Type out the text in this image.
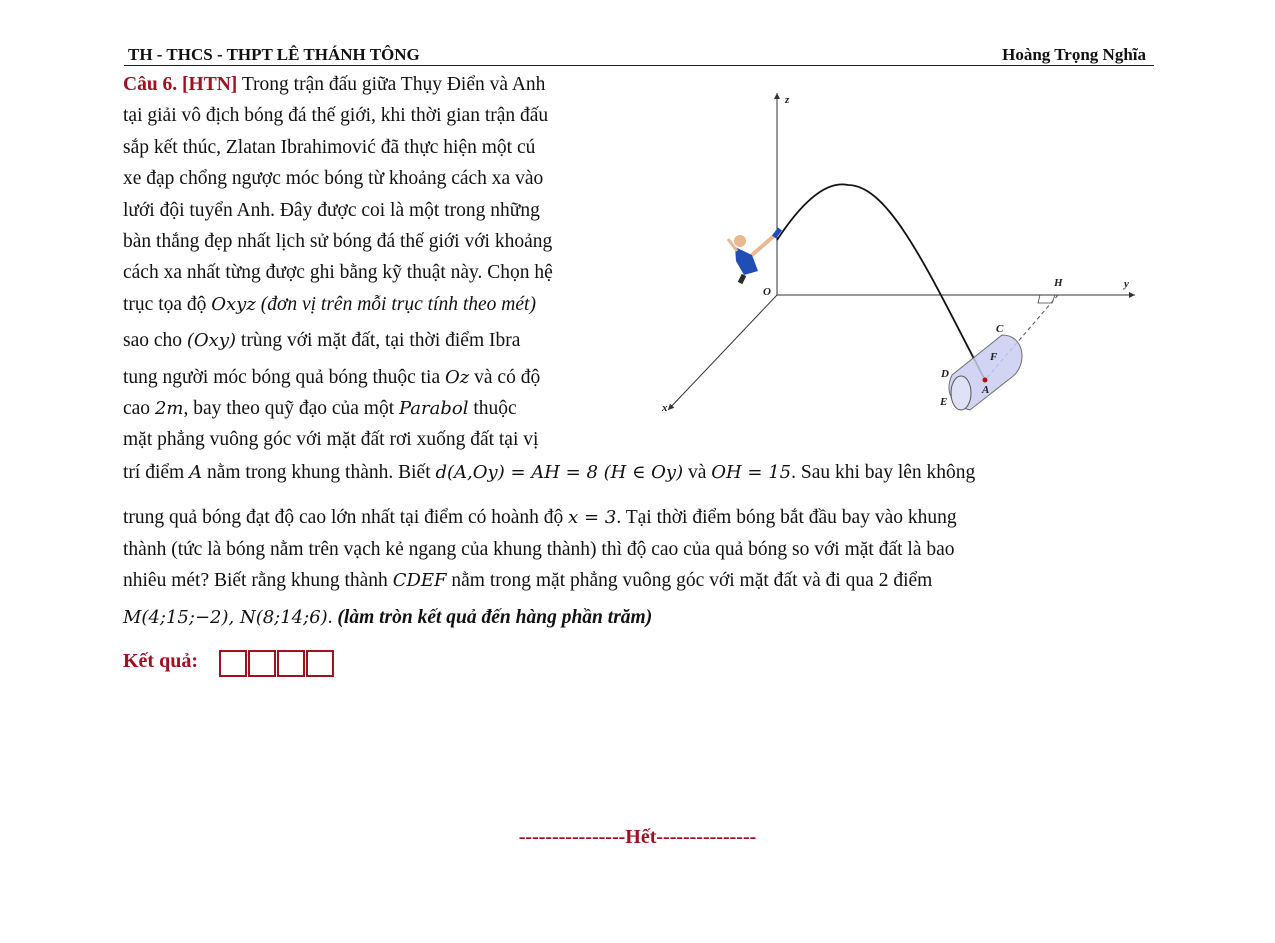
TH - THCS - THPT LÊ THÁNH TÔNG	Hoàng Trọng Nghĩa
Câu 6. [HTN] Trong trận đấu giữa Thụy Điển và Anh
tại giải vô địch bóng đá thế giới, khi thời gian trận đấu
sắp kết thúc, Zlatan Ibrahimović đã thực hiện một cú
xe đạp chổng ngược móc bóng từ khoảng cách xa vào
lưới đội tuyển Anh. Đây được coi là một trong những
bàn thắng đẹp nhất lịch sử bóng đá thế giới với khoảng
cách xa nhất từng được ghi bằng kỹ thuật này. Chọn hệ
trục tọa độ Oxyz (đơn vị trên mỗi trục tính theo mét)
sao cho (Oxy) trùng với mặt đất, tại thời điểm Ibra
tung người móc bóng quả bóng thuộc tia Oz và có độ
cao 2m, bay theo quỹ đạo của một Parabol thuộc
mặt phẳng vuông góc với mặt đất rơi xuống đất tại vị
trí điểm A nằm trong khung thành. Biết d(A,Oy) = AH = 8 (H ∈ Oy) và OH = 15. Sau khi bay lên không
trung quả bóng đạt độ cao lớn nhất tại điểm có hoành độ x = 3. Tại thời điểm bóng bắt đầu bay vào khung
thành (tức là bóng nằm trên vạch kẻ ngang của khung thành) thì độ cao của quả bóng so với mặt đất là bao
nhiêu mét? Biết rằng khung thành CDEF nằm trong mặt phẳng vuông góc với mặt đất và đi qua 2 điểm
M(4;15;−2), N(8;14;6). (làm tròn kết quả đến hàng phần trăm)
Kết quả:
----------------Hết---------------
z
y
x
O
H
A
C
D
E
F
